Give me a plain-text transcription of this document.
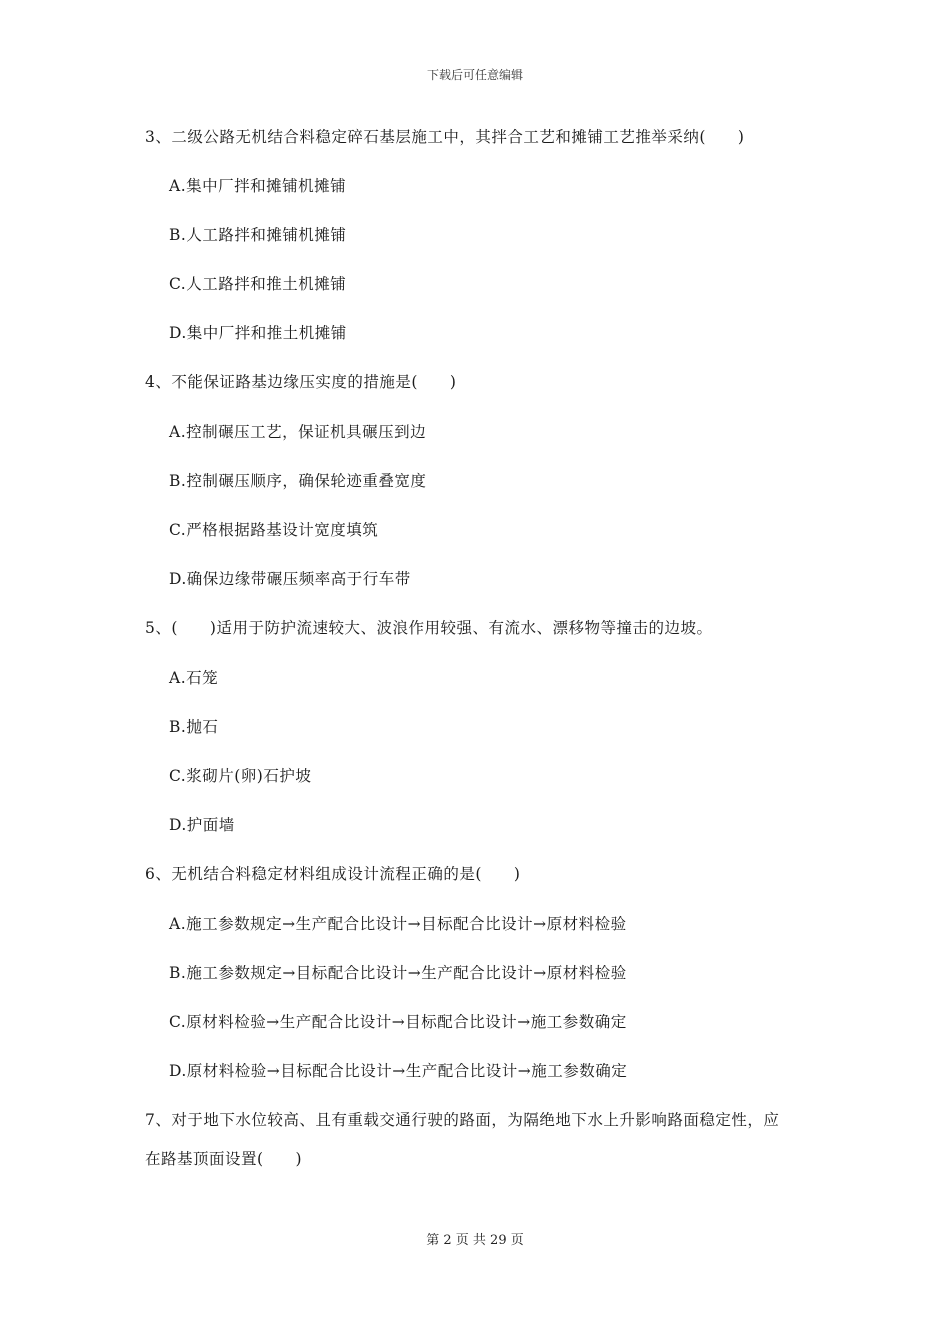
下载后可任意编辑
3、二级公路无机结合料稳定碎石基层施工中，其拌合工艺和摊铺工艺推举采纳(　　)
A.集中厂拌和摊铺机摊铺
B.人工路拌和摊铺机摊铺
C.人工路拌和推土机摊铺
D.集中厂拌和推土机摊铺
4、不能保证路基边缘压实度的措施是(　　)
A.控制碾压工艺，保证机具碾压到边
B.控制碾压顺序，确保轮迹重叠宽度
C.严格根据路基设计宽度填筑
D.确保边缘带碾压频率高于行车带
5、(　　)适用于防护流速较大、波浪作用较强、有流水、漂移物等撞击的边坡。
A.石笼
B.抛石
C.浆砌片(卵)石护坡
D.护面墙
6、无机结合料稳定材料组成设计流程正确的是(　　)
A.施工参数规定→生产配合比设计→目标配合比设计→原材料检验
B.施工参数规定→目标配合比设计→生产配合比设计→原材料检验
C.原材料检验→生产配合比设计→目标配合比设计→施工参数确定
D.原材料检验→目标配合比设计→生产配合比设计→施工参数确定
7、对于地下水位较高、且有重载交通行驶的路面，为隔绝地下水上升影响路面稳定性，应
在路基顶面设置(　　)
第 2 页 共 29 页
